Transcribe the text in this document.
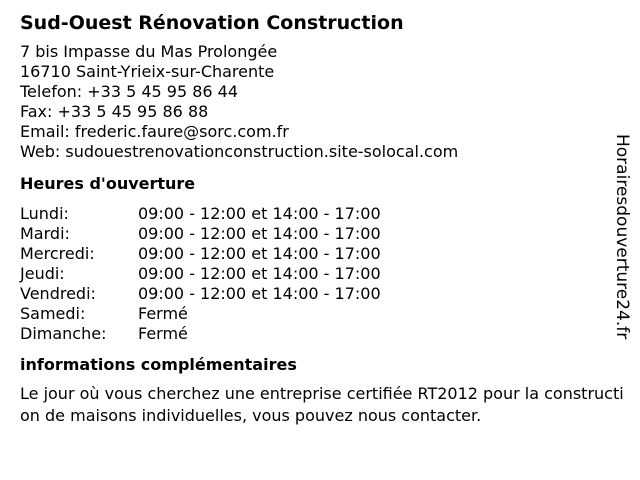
Sud-Ouest Rénovation Construction
7 bis Impasse du Mas Prolongée
16710 Saint-Yrieix-sur-Charente
Telefon: +33 5 45 95 86 44
Fax: +33 5 45 95 86 88
Email: frederic.faure@sorc.com.fr
Web: sudouestrenovationconstruction.site-solocal.com
Heures d'ouverture
Lundi:	09:00 - 12:00 et 14:00 - 17:00
Mardi:	09:00 - 12:00 et 14:00 - 17:00
Mercredi:	09:00 - 12:00 et 14:00 - 17:00
Jeudi:	09:00 - 12:00 et 14:00 - 17:00
Vendredi:	09:00 - 12:00 et 14:00 - 17:00
Samedi:	Fermé
Dimanche:	Fermé
informations complémentaires
Le jour où vous cherchez une entreprise certifiée RT2012 pour la construction de maisons individuelles, vous pouvez nous contacter.
Horairesdouverture24.fr
